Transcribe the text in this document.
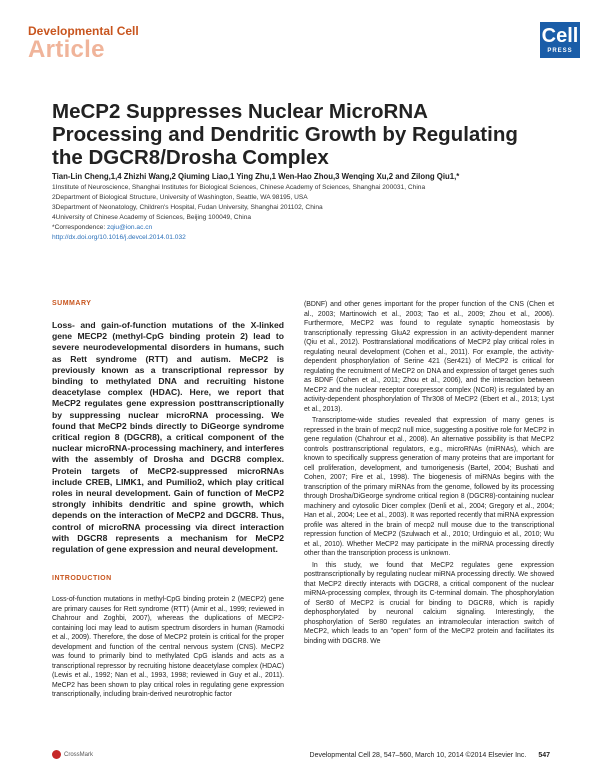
Developmental Cell
Article	Cell
PRESS
MeCP2 Suppresses Nuclear MicroRNA Processing and Dendritic Growth by Regulating the DGCR8/Drosha Complex
Tian-Lin Cheng,1,4 Zhizhi Wang,2 Qiuming Liao,1 Ying Zhu,1 Wen-Hao Zhou,3 Wenqing Xu,2 and Zilong Qiu1,*
1Institute of Neuroscience, Shanghai Institutes for Biological Sciences, Chinese Academy of Sciences, Shanghai 200031, China
2Department of Biological Structure, University of Washington, Seattle, WA 98195, USA
3Department of Neonatology, Children's Hospital, Fudan University, Shanghai 201102, China
4University of Chinese Academy of Sciences, Beijing 100049, China
*Correspondence: zqiu@ion.ac.cn
http://dx.doi.org/10.1016/j.devcel.2014.01.032
SUMMARY
Loss- and gain-of-function mutations of the X-linked gene MECP2 (methyl-CpG binding protein 2) lead to severe neurodevelopmental disorders in humans, such as Rett syndrome (RTT) and autism. MeCP2 is previously known as a transcriptional repressor by binding to methylated DNA and recruiting histone deacetylase complex (HDAC). Here, we report that MeCP2 regulates gene expression posttranscriptionally by suppressing nuclear microRNA processing. We found that MeCP2 binds directly to DiGeorge syndrome critical region 8 (DGCR8), a critical component of the nuclear microRNA-processing machinery, and interferes with the assembly of Drosha and DGCR8 complex. Protein targets of MeCP2-suppressed microRNAs include CREB, LIMK1, and Pumilio2, which play critical roles in neural development. Gain of function of MeCP2 strongly inhibits dendritic and spine growth, which depends on the interaction of MeCP2 and DGCR8. Thus, control of microRNA processing via direct interaction with DGCR8 represents a mechanism for MeCP2 regulation of gene expression and neural development.
INTRODUCTION
Loss-of-function mutations in methyl-CpG binding protein 2 (MECP2) gene are primary causes for Rett syndrome (RTT) (Amir et al., 1999; reviewed in Chahrour and Zoghbi, 2007), whereas the duplications of MECP2-containing loci may lead to autism spectrum disorders in human (Ramocki et al., 2009). Therefore, the dose of MeCP2 protein is critical for the proper development and function of the central nervous system (CNS). MeCP2 was found to primarily bind to methylated CpG islands and acts as a transcriptional repressor by recruiting histone deacetylase complex (HDAC) (Lewis et al., 1992; Nan et al., 1993, 1998; reviewed in Guy et al., 2011). MeCP2 has been shown to play critical roles in regulating gene expression transcriptionally, including brain-derived neurotrophic factor

(BDNF) and other genes important for the proper function of the CNS (Chen et al., 2003; Martinowich et al., 2003; Tao et al., 2009; Zhou et al., 2006). Furthermore, MeCP2 was found to regulate synaptic homeostasis by transcriptionally repressing GluA2 expression in an activity-dependent manner (Qiu et al., 2012). Posttranslational modifications of MeCP2 play critical roles in regulating neural development (Cohen et al., 2011). For example, the activity-dependent phosphorylation of Serine 421 (Ser421) of MeCP2 is critical for regulating the recruitment of MeCP2 on DNA and expression of target genes such as BDNF (Cohen et al., 2011; Zhou et al., 2006), and the interaction between MeCP2 and the nuclear receptor corepressor complex (NCoR) is regulated by an activity-dependent phosphorylation of Thr308 of MeCP2 (Ebert et al., 2013; Lyst et al., 2013).

Transcriptome-wide studies revealed that expression of many genes is repressed in the brain of mecp2 null mice, suggesting a positive role for MeCP2 in gene regulation (Chahrour et al., 2008). An alternative possibility is that MeCP2 controls posttranscriptional regulators, e.g., microRNAs (miRNAs), which are known to specifically suppress generation of many proteins that are important for cell proliferation, development, and tumorigenesis (Bartel, 2004; Bushati and Cohen, 2007; Fire et al., 1998). The biogenesis of miRNAs begins with the transcription of the primary miRNAs from the genome, followed by its processing through Drosha/DiGeorge syndrome critical region 8 (DGCR8)-containing nuclear machinery and cytosolic Dicer complex (Denli et al., 2004; Gregory et al., 2004; Han et al., 2004; Lee et al., 2003). It was reported recently that miRNA expression profile was altered in the brain of mecp2 null mouse due to the transcriptional repression function of MeCP2 (Szulwach et al., 2010; Urdinguio et al., 2010; Wu et al., 2010). Whether MeCP2 may participate in the miRNA processing directly other than the transcription process is unknown.

In this study, we found that MeCP2 regulates gene expression posttranscriptionally by regulating nuclear miRNA processing directly. We showed that MeCP2 directly interacts with DGCR8, a critical component of the nuclear miRNA-processing complex, through its C-terminal domain. The phosphorylation of Ser80 of MeCP2 is crucial for binding to DGCR8, which is rapidly dephosphorylated by neuronal calcium signaling. Interestingly, the phosphorylation of Ser80 regulates an intramolecular interaction switch of MeCP2, which leads to an "open" form of the MeCP2 protein and facilitates its binding with DGCR8. We

CrossMark	Developmental Cell 28, 547–560, March 10, 2014 ©2014 Elsevier Inc. 547
